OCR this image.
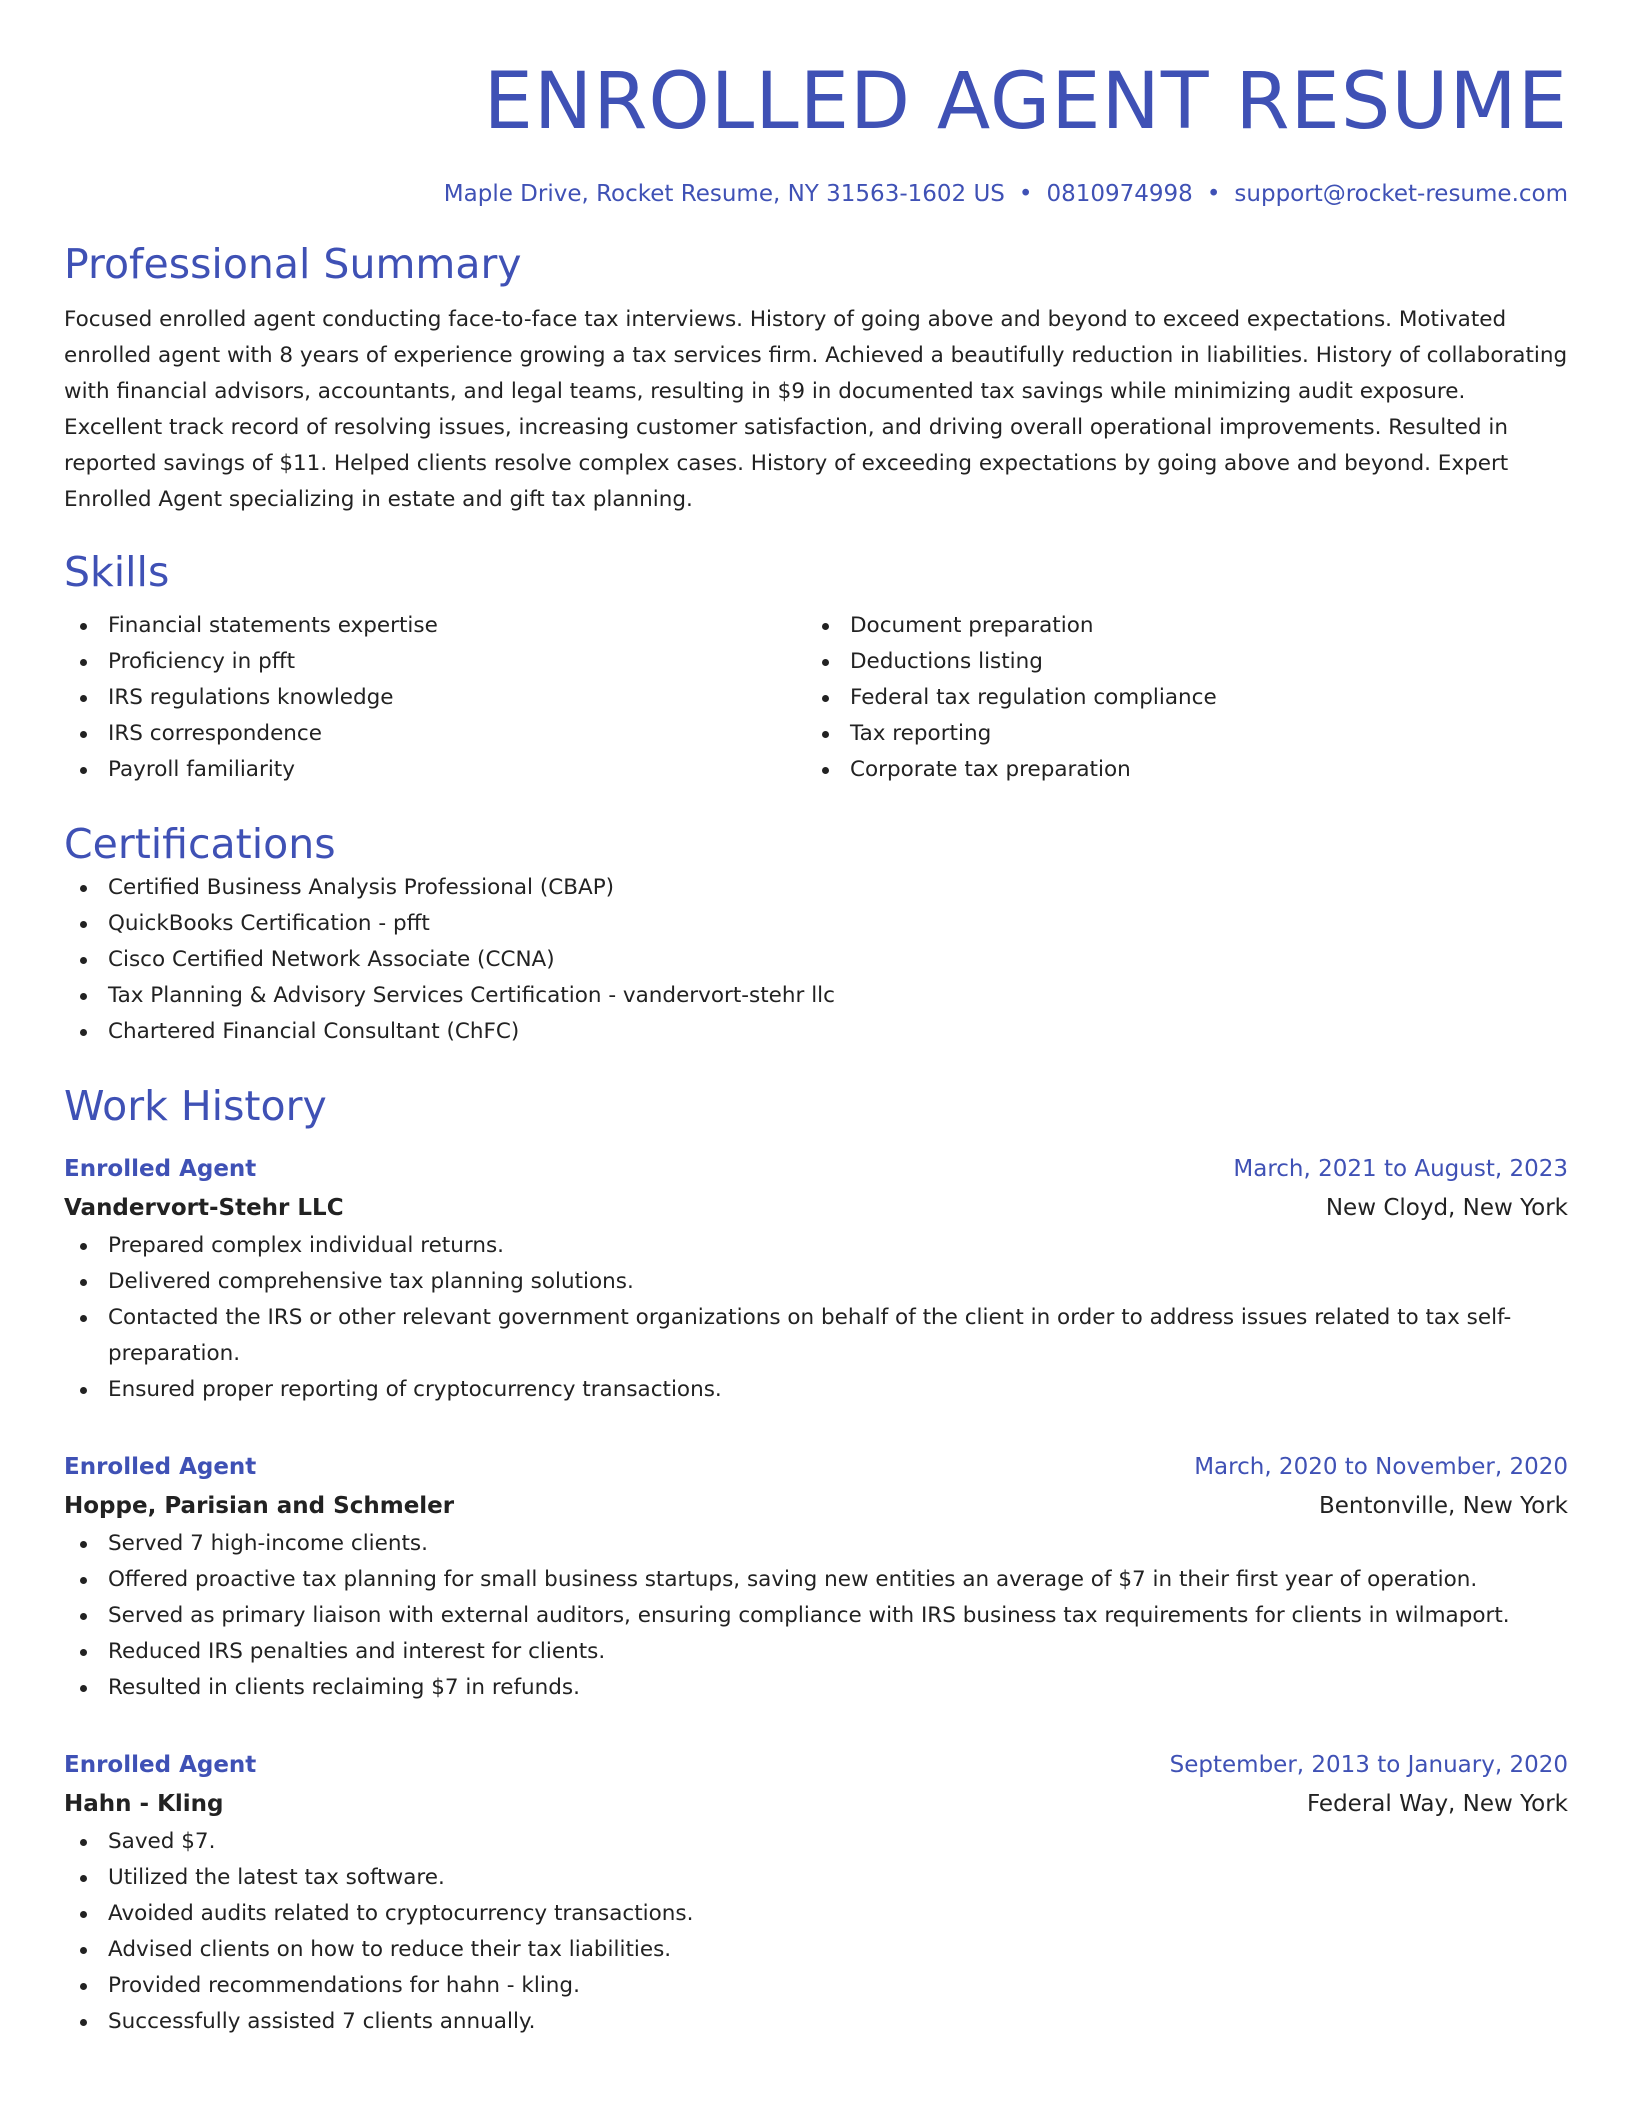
ENROLLED AGENT RESUME
Maple Drive, Rocket Resume, NY 31563-1602 US • 0810974998 • support@rocket-resume.com
Professional Summary

Focused enrolled agent conducting face-to-face tax interviews. History of going above and beyond to exceed expectations. Motivated enrolled agent with 8 years of experience growing a tax services firm. Achieved a beautifully reduction in liabilities. History of collaborating with financial advisors, accountants, and legal teams, resulting in $9 in documented tax savings while minimizing audit exposure. Excellent track record of resolving issues, increasing customer satisfaction, and driving overall operational improvements. Resulted in reported savings of $11. Helped clients resolve complex cases. History of exceeding expectations by going above and beyond. Expert Enrolled Agent specializing in estate and gift tax planning.

Skills
Financial statements expertise
Proficiency in pfft
IRS regulations knowledge
IRS correspondence
Payroll familiarity
Document preparation
Deductions listing
Federal tax regulation compliance
Tax reporting
Corporate tax preparation
Certifications
Certified Business Analysis Professional (CBAP)
QuickBooks Certification - pfft
Cisco Certified Network Associate (CCNA)
Tax Planning & Advisory Services Certification - vandervort-stehr llc
Chartered Financial Consultant (ChFC)
Work History
Enrolled Agent	March, 2021 to August, 2023
Vandervort-Stehr LLC	New Cloyd, New York
Prepared complex individual returns.
Delivered comprehensive tax planning solutions.
Contacted the IRS or other relevant government organizations on behalf of the client in order to address issues related to tax self-preparation.
Ensured proper reporting of cryptocurrency transactions.
Enrolled Agent	March, 2020 to November, 2020
Hoppe, Parisian and Schmeler	Bentonville, New York
Served 7 high-income clients.
Offered proactive tax planning for small business startups, saving new entities an average of $7 in their first year of operation.
Served as primary liaison with external auditors, ensuring compliance with IRS business tax requirements for clients in wilmaport.
Reduced IRS penalties and interest for clients.
Resulted in clients reclaiming $7 in refunds.
Enrolled Agent	September, 2013 to January, 2020
Hahn - Kling	Federal Way, New York
Saved $7.
Utilized the latest tax software.
Avoided audits related to cryptocurrency transactions.
Advised clients on how to reduce their tax liabilities.
Provided recommendations for hahn - kling.
Successfully assisted 7 clients annually.
